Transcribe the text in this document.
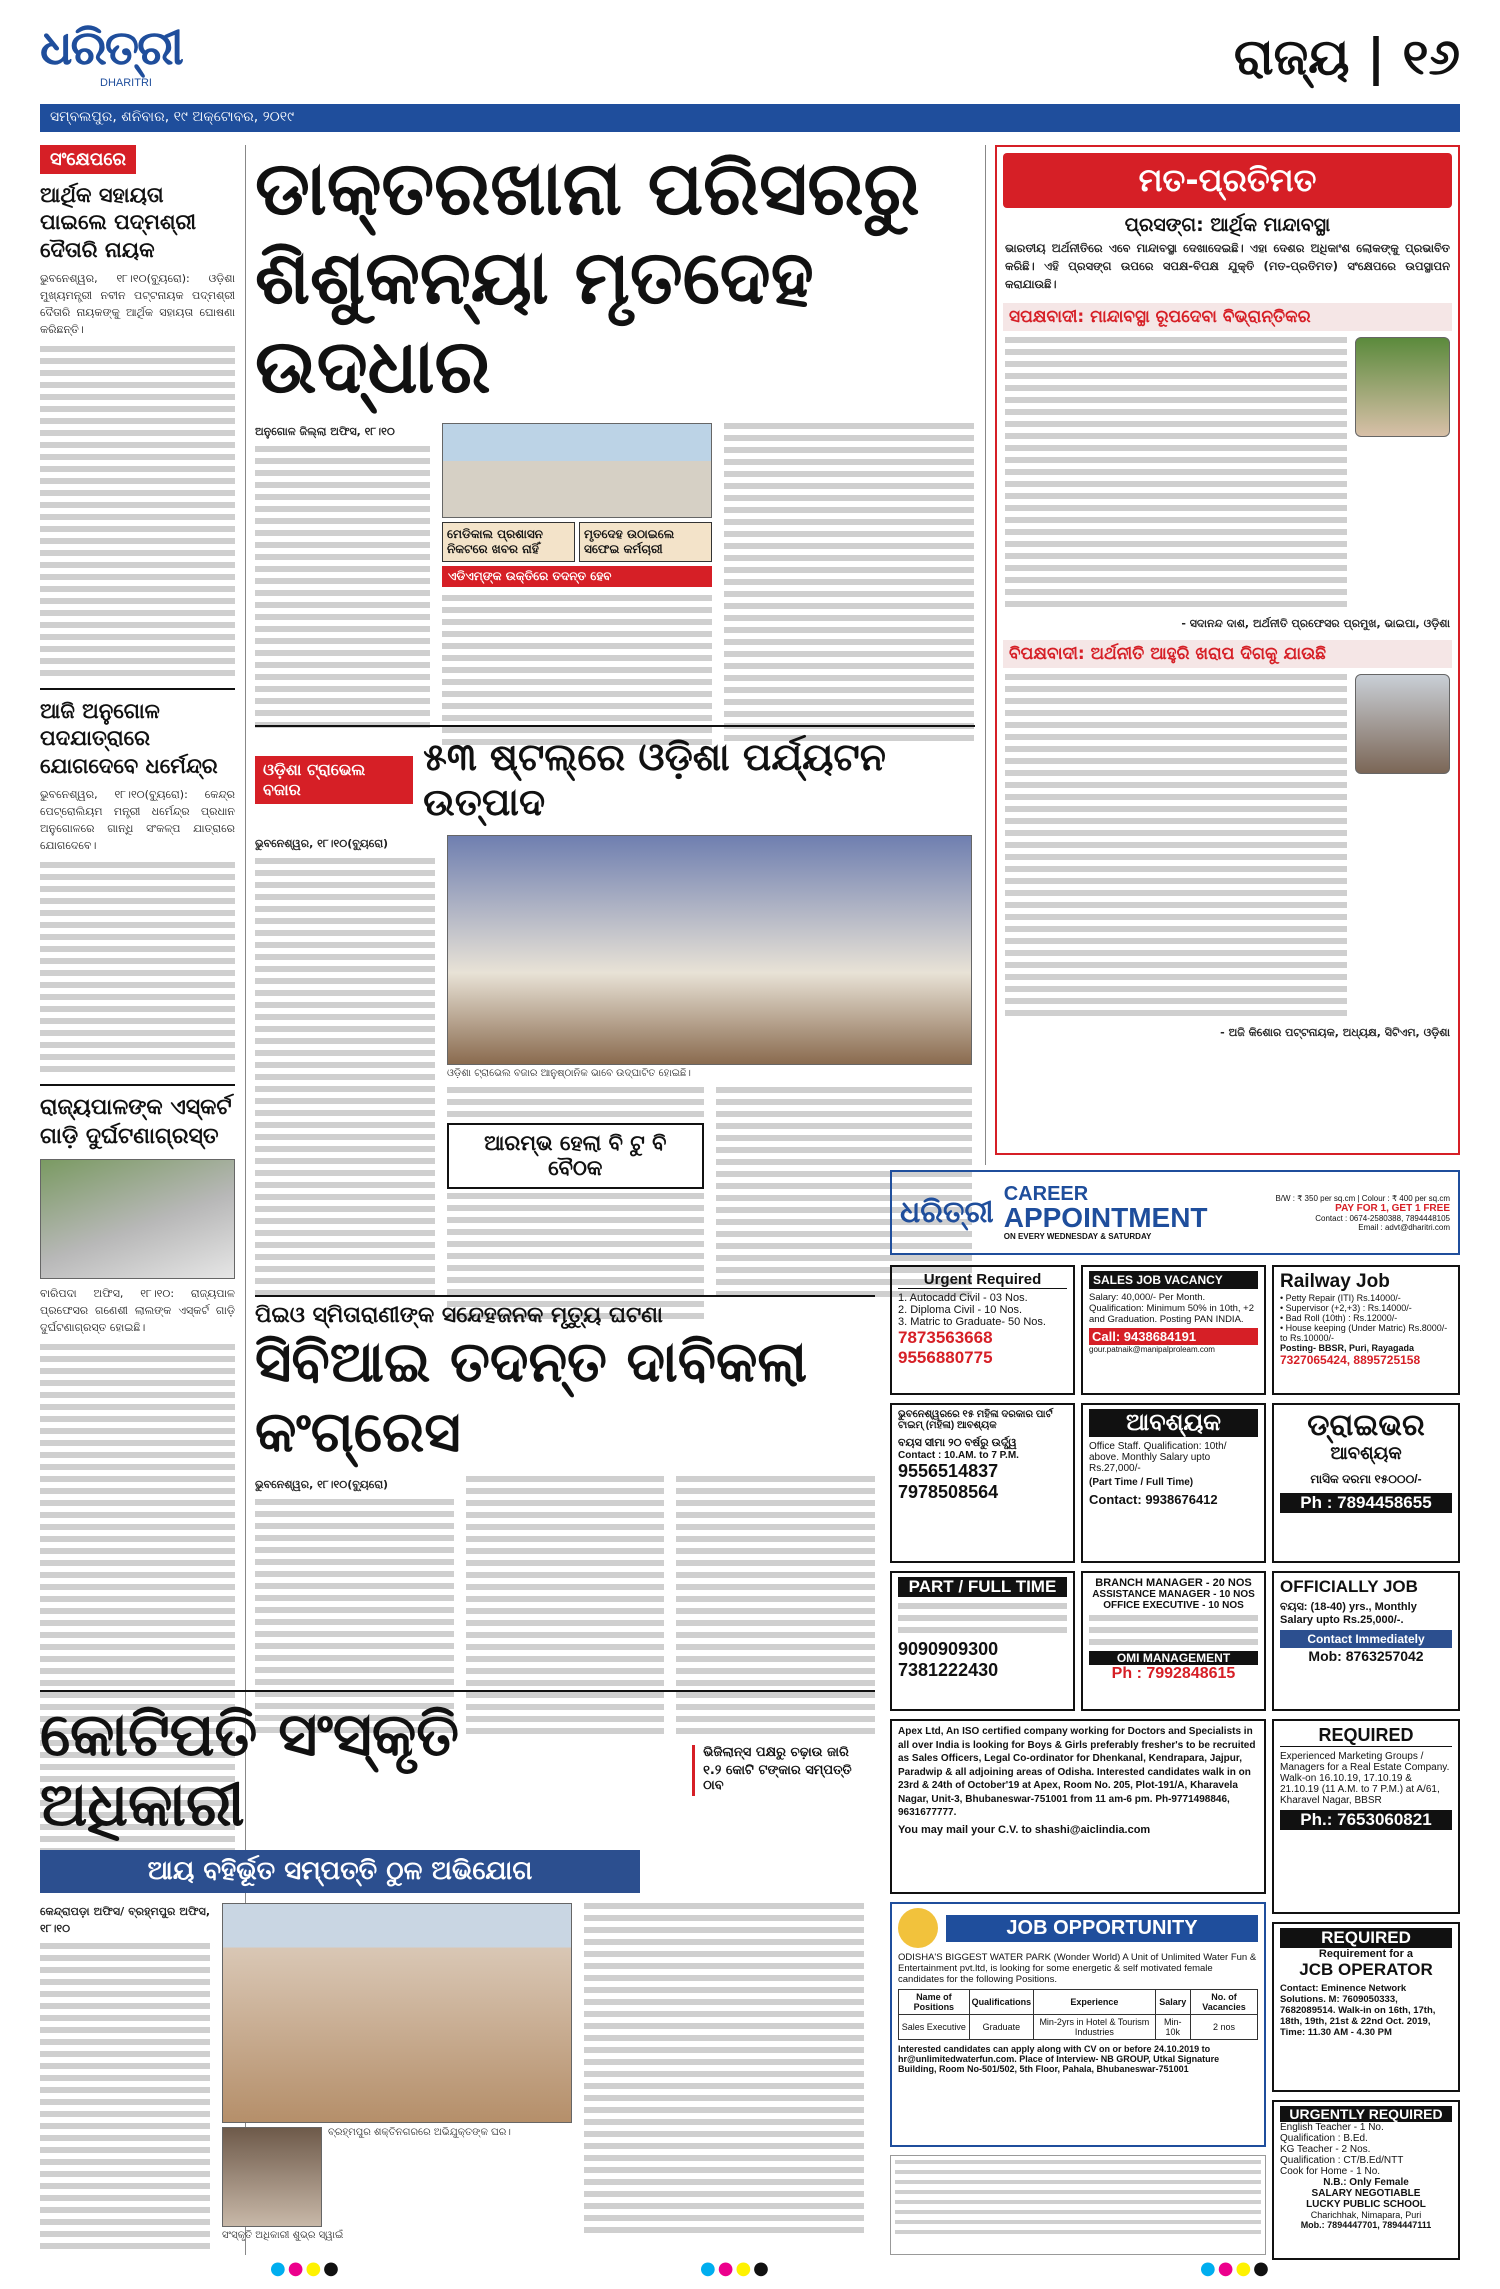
ଧରିତ୍ରୀ
DHARITRI	ରାଜ୍ୟ | ୧୬
ସମ୍ବଲପୁର, ଶନିବାର, ୧୯ ଅକ୍ଟୋବର, ୨୦୧୯
ସଂକ୍ଷେପରେ
ଆର୍ଥିକ ସହାୟତା ପାଇଲେ ପଦ୍ମଶ୍ରୀ ଦୈତାରି ନାୟକ

ଭୁବନେଶ୍ୱର, ୧୮।୧୦(ବ୍ୟୁରୋ): ଓଡ଼ିଶା ମୁଖ୍ୟମନ୍ତ୍ରୀ ନବୀନ ପଟ୍ଟନାୟକ ପଦ୍ମଶ୍ରୀ ଦୈତାରି ନାୟକଙ୍କୁ ଆର୍ଥିକ ସହାୟତା ଘୋଷଣା କରିଛନ୍ତି।

ଆଜି ଅନୁଗୋଳ ପଦଯାତ୍ରାରେ ଯୋଗଦେବେ ଧର୍ମେନ୍ଦ୍ର

ଭୁବନେଶ୍ୱର, ୧୮।୧୦(ବ୍ୟୁରୋ): କେନ୍ଦ୍ର ପେଟ୍ରୋଲିୟମ ମନ୍ତ୍ରୀ ଧର୍ମେନ୍ଦ୍ର ପ୍ରଧାନ ଅନୁଗୋଳରେ ଗାନ୍ଧି ସଂକଳ୍ପ ଯାତ୍ରାରେ ଯୋଗଦେବେ।

ରାଜ୍ୟପାଳଙ୍କ ଏସ୍କର୍ଟ ଗାଡ଼ି ଦୁର୍ଘଟଣାଗ୍ରସ୍ତ

ବାରିପଦା ଅଫିସ, ୧୮।୧୦: ରାଜ୍ୟପାଳ ପ୍ରଫେସର ଗଣେଶୀ ଲାଲଙ୍କ ଏସ୍କର୍ଟ ଗାଡ଼ି ଦୁର୍ଘଟଣାଗ୍ରସ୍ତ ହୋଇଛି।

ଡାକ୍ତରଖାନା ପରିସରରୁ
ଶିଶୁକନ୍ୟା ମୃତଦେହ ଉଦ୍ଧାର
ଅନୁଗୋଳ ଜିଲ୍ଲା ଅଫିସ, ୧୮।୧୦
ମେଡିକାଲ ପ୍ରଶାସନ ନିକଟରେ ଖବର ନାହିଁ
ମୃତଦେହ ଉଠାଇଲେ ସଫେଇ କର୍ମଚାରୀ
ଏଡିଏମ୍‌ଙ୍କ ଉକ୍ତିରେ ତଦନ୍ତ ହେବ
ଓଡ଼ିଶା ଟ୍ରାଭେଲ
ବଜାର
୫୩ ଷ୍ଟଲ୍‌ରେ ଓଡ଼ିଶା ପର୍ଯ୍ୟଟନ ଉତ୍ପାଦ
ଭୁବନେଶ୍ୱର, ୧୮।୧୦(ବ୍ୟୁରୋ)
ଓଡ଼ିଶା ଟ୍ରାଭେଲ ବଜାର ଆନୁଷ୍ଠାନିକ ଭାବେ ଉଦ୍‌ଘାଟିତ ହୋଇଛି।
ଆରମ୍ଭ ହେଲା ବି ଟୁ ବି ବୈଠକ
ପିଇଓ ସ୍ମିତାରାଣୀଙ୍କ ସନ୍ଦେହଜନକ ମୃତ୍ୟୁ ଘଟଣା
ସିବିଆଇ ତଦନ୍ତ ଦାବିକଲା କଂଗ୍ରେସ
ଭୁବନେଶ୍ୱର, ୧୮।୧୦(ବ୍ୟୁରୋ)
କୋଟିପତି ସଂସ୍କୃତି ଅଧିକାରୀ
ଭିଜିଲାନ୍ସ ପକ୍ଷରୁ ଚଢ଼ାଉ ଜାରି
୧.୨ କୋଟି ଟଙ୍କାର ସମ୍ପତ୍ତି ଠାବ
ଆୟ ବହିର୍ଭୂତ ସମ୍ପତ୍ତି ଠୁଳ ଅଭିଯୋଗ
କେନ୍ଦ୍ରାପଡ଼ା ଅଫିସ/ ବ୍ରହ୍ମପୁର ଅଫିସ, ୧୮।୧୦
ବ୍ରହ୍ମପୁର ଶକ୍ତିନଗରରେ ଅଭିଯୁକ୍ତଙ୍କ ଘର।
ସଂସ୍କୃତି ଅଧିକାରୀ ଶୁଭ୍ର ସ୍ୱାଇଁ
ମତ-ପ୍ରତିମତ
ପ୍ରସଙ୍ଗ: ଆର୍ଥିକ ମାନ୍ଦାବସ୍ଥା

ଭାରତୀୟ ଅର୍ଥନୀତିରେ ଏବେ ମାନ୍ଦାବସ୍ଥା ଦେଖାଦେଇଛି। ଏହା ଦେଶର ଅଧିକାଂଶ ଲୋକଙ୍କୁ ପ୍ରଭାବିତ କରିଛି। ଏହି ପ୍ରସଙ୍ଗ ଉପରେ ସପକ୍ଷ-ବିପକ୍ଷ ଯୁକ୍ତି (ମତ-ପ୍ରତିମତ) ସଂକ୍ଷେପରେ ଉପସ୍ଥାପନ କରାଯାଉଛି।

ସପକ୍ଷବାଦୀ: ମାନ୍ଦାବସ୍ଥା ରୂପଦେବା ବିଭ୍ରାନ୍ତିକର
- ସଦାନନ୍ଦ ଦାଶ, ଅର୍ଥନୀତି ପ୍ରଫେସର ପ୍ରମୁଖ, ଭାଇପା, ଓଡ଼ିଶା
ବିପକ୍ଷବାଦୀ: ଅର୍ଥନୀତି ଆହୁରି ଖରାପ ଦିଗକୁ ଯାଉଛି
- ଅଜି କିଶୋର ପଟ୍ଟନାୟକ, ଅଧ୍ୟକ୍ଷ, ସିଟିଏମ, ଓଡ଼ିଶା
ଧରିତ୍ରୀ
CAREER
APPOINTMENT
ON EVERY WEDNESDAY & SATURDAY
B/W : ₹ 350 per sq.cm | Colour : ₹ 400 per sq.cm
PAY FOR 1, GET 1 FREE
Contact : 0674-2580388, 7894448105
Email : advt@dharitri.com
Urgent Required
1. Autocadd Civil - 03 Nos.
2. Diploma Civil - 10 Nos.
3. Matric to Graduate- 50 Nos.
7873563668
9556880775
SALES JOB VACANCY
Salary: 40,000/- Per Month. Qualification: Minimum 50% in 10th, +2 and Graduation. Posting PAN INDIA.
Call: 9438684191
gour.patnaik@manipalproleam.com
Railway Job
• Petty Repair (ITI) Rs.14000/-
• Supervisor (+2,+3) : Rs.14000/-
• Bad Roll (10th) : Rs.12000/-
• House keeping (Under Matric) Rs.8000/- to Rs.10000/-
Posting- BBSR, Puri, Rayagada
7327065424, 8895725158
ଭୁବନେଶ୍ୱରରେ ୧୫ ମହିଳା ଦରକାର ପାର୍ଟ ଟାଇମ୍ (ମହିଳା) ଆବଶ୍ୟକ
ବୟସ ସୀମା ୨୦ ବର୍ଷରୁ ଉର୍ଦ୍ଧ୍ୱ
Contact : 10.AM. to 7 P.M.
9556514837
7978508564
ଆବଶ୍ୟକ
Office Staff. Qualification: 10th/ above. Monthly Salary upto Rs.27,000/-
(Part Time / Full Time)
Contact: 9938676412
ଡ୍ରାଇଭର
ଆବଶ୍ୟକ
ମାସିକ ଦରମା ୧୫୦୦୦/-
Ph : 7894458655
PART / FULL TIME
9090909300
7381222430
BRANCH MANAGER - 20 NOS
ASSISTANCE MANAGER - 10 NOS
OFFICE EXECUTIVE - 10 NOS
OMI MANAGEMENT
Ph : 7992848615
OFFICIALLY JOB
ବୟସ: (18-40) yrs., Monthly Salary upto Rs.25,000/-.
Contact Immediately
Mob: 8763257042
Apex Ltd, An ISO certified company working for Doctors and Specialists in all over India is looking for Boys & Girls preferably fresher's to be recruited as Sales Officers, Legal Co-ordinator for Dhenkanal, Kendrapara, Jajpur, Paradwip & all adjoining areas of Odisha. Interested candidates walk in on 23rd & 24th of October'19 at Apex, Room No. 205, Plot-191/A, Kharavela Nagar, Unit-3, Bhubaneswar-751001 from 11 am-6 pm. Ph-9771498846, 9631677777.
You may mail your C.V. to shashi@aiclindia.com
REQUIRED
Experienced Marketing Groups / Managers for a Real Estate Company. Walk-on 16.10.19, 17.10.19 & 21.10.19 (11 A.M. to 7 P.M.) at A/61, Kharavel Nagar, BBSR
Ph.: 7653060821
JOB OPPORTUNITY
ODISHA'S BIGGEST WATER PARK (Wonder World) A Unit of Unlimited Water Fun & Entertainment pvt.ltd, is looking for some energetic & self motivated female candidates for the following Positions.
Name of Positions	Qualifications	Experience	Salary	No. of Vacancies
Sales Executive	Graduate	Min-2yrs in Hotel & Tourism Industries	Min-10k	2 nos
Interested candidates can apply along with CV on or before 24.10.2019 to hr@unlimitedwaterfun.com. Place of Interview- NB GROUP, Utkal Signature Building, Room No-501/502, 5th Floor, Pahala, Bhubaneswar-751001
REQUIRED
Requirement for a
JCB OPERATOR
Contact: Eminence Network Solutions. M: 7609050333, 7682089514. Walk-in on 16th, 17th, 18th, 19th, 21st & 22nd Oct. 2019, Time: 11.30 AM - 4.30 PM
URGENTLY REQUIRED
English Teacher - 1 No.
Qualification : B.Ed.
KG Teacher - 2 Nos.
Qualification : CT/B.Ed/NTT
Cook for Home - 1 No.
N.B.: Only Female
SALARY NEGOTIABLE
LUCKY PUBLIC SCHOOL
Charichhak, Nimapara, Puri
Mob.: 7894447701, 7894447111
●●●●	●●●●	●●●●
